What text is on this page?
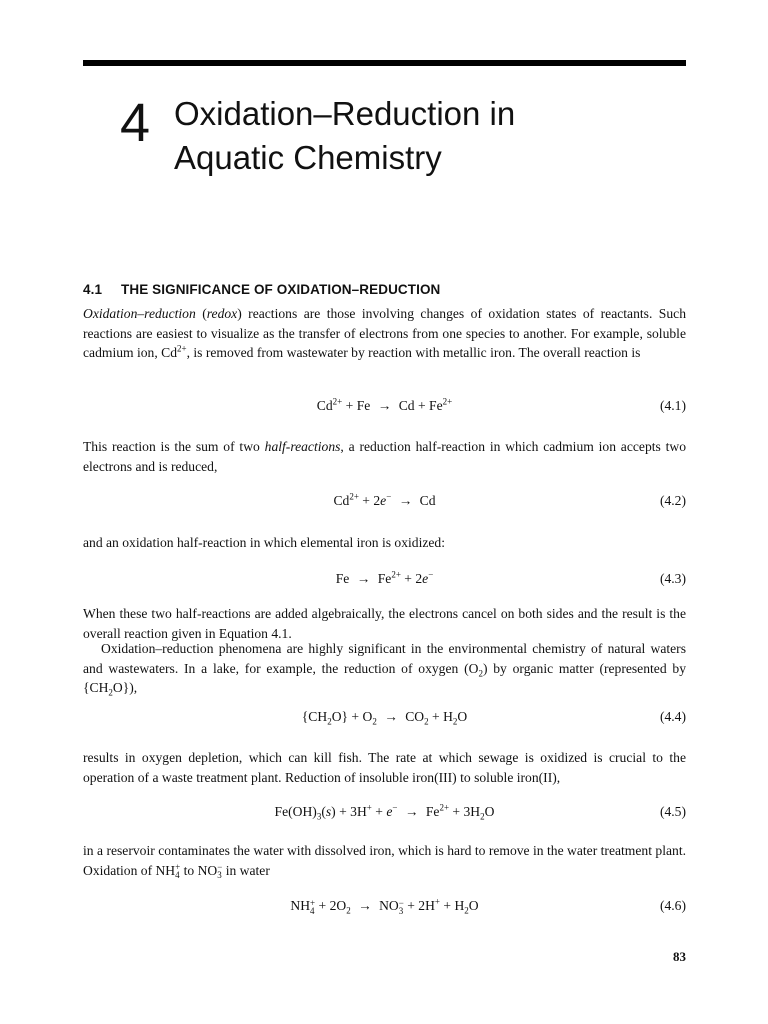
4 Oxidation–Reduction in
Aquatic Chemistry
4.1 THE SIGNIFICANCE OF OXIDATION–REDUCTION

Oxidation–reduction (redox) reactions are those involving changes of oxidation states of reactants. Such reactions are easiest to visualize as the transfer of electrons from one species to another. For example, soluble cadmium ion, $Cd^{2+}$, is removed from wastewater by reaction with metallic iron. The overall reaction is

$Cd^{2+} + Fe \to Cd + Fe^{2+}$	(4.1)

This reaction is the sum of two half-reactions, a reduction half-reaction in which cadmium ion accepts two electrons and is reduced,

$Cd^{2+} + 2e^- \to Cd$	(4.2)

and an oxidation half-reaction in which elemental iron is oxidized:

$Fe \to Fe^{2+} + 2e^-$	(4.3)

When these two half-reactions are added algebraically, the electrons cancel on both sides and the result is the overall reaction given in Equation 4.1.

Oxidation–reduction phenomena are highly significant in the environmental chemistry of natural waters and wastewaters. In a lake, for example, the reduction of oxygen $(O_2)$ by organic matter (represented by $\{CH_2O\}$),

$\{CH_2O\} + O_2 \to CO_2 + H_2O$	(4.4)

results in oxygen depletion, which can kill fish. The rate at which sewage is oxidized is crucial to the operation of a waste treatment plant. Reduction of insoluble iron(III) to soluble iron(II),

$Fe(OH)_3(s) + 3H^+ + e^- \to Fe^{2+} + 3H_2O$	(4.5)

in a reservoir contaminates the water with dissolved iron, which is hard to remove in the water treatment plant. Oxidation of NH +
4 to NO −
3 in water

NH +
$4 + 2O_2$ → NO −
$3 + 2H^+ + H_2O$	(4.6)
83
